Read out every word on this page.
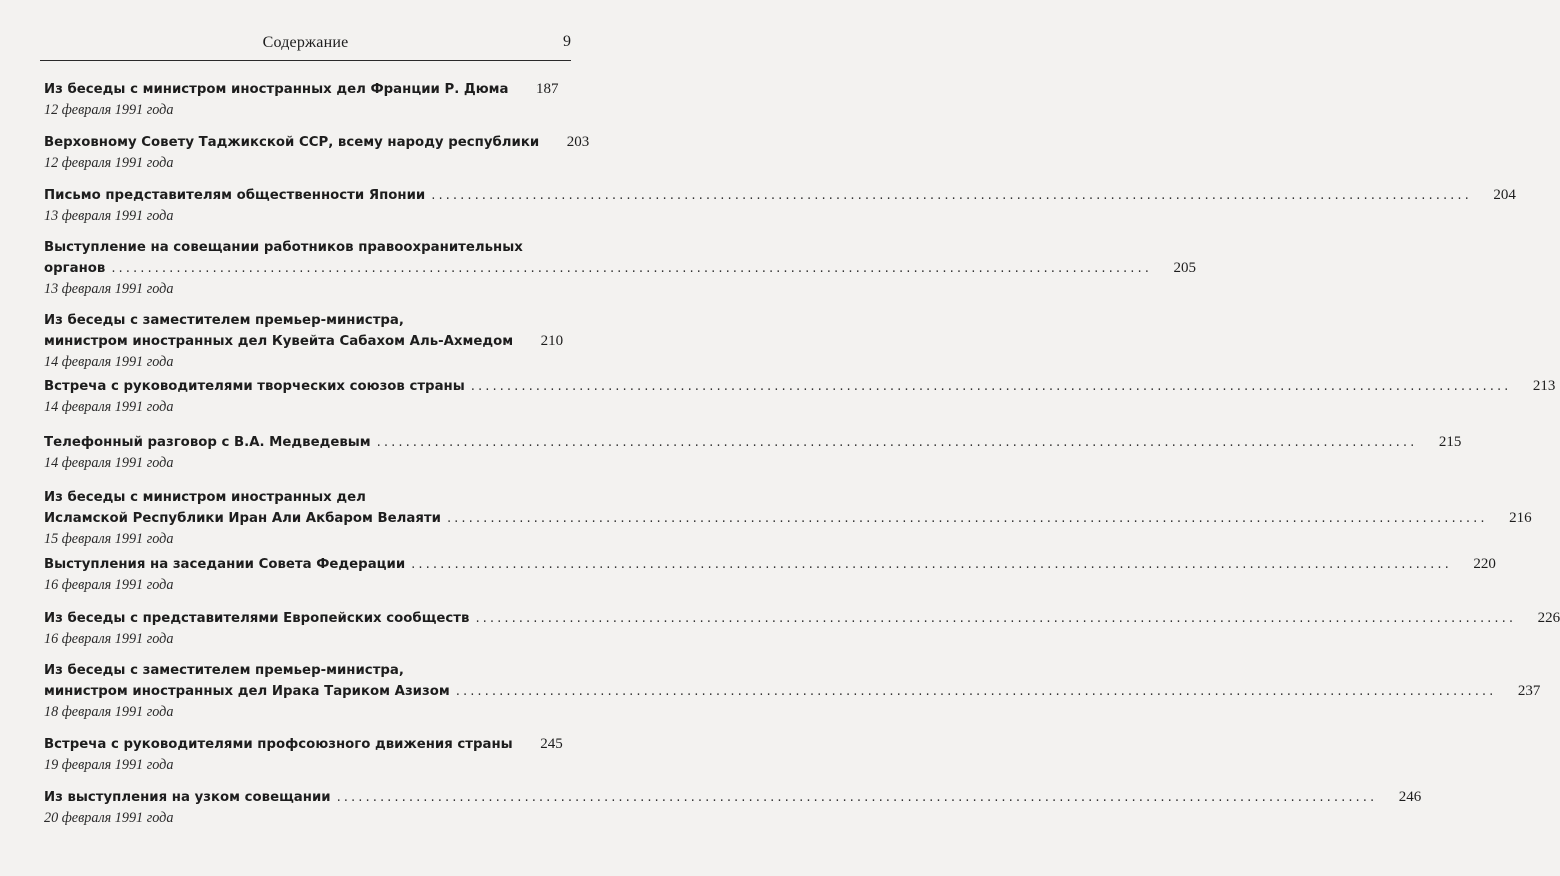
Содержание	9
Из беседы с министром иностранных дел Франции Р. Дюма	187
12 февраля 1991 года
Верховному Совету Таджикской ССР, всему народу республики	203
12 февраля 1991 года
Письмо представителям общественности Японии ................................................................................................................................................	204
13 февраля 1991 года
Выступление на совещании работников правоохранительных
органов ................................................................................................................................................	205
13 февраля 1991 года
Из беседы с заместителем премьер-министра,
министром иностранных дел Кувейта Сабахом Аль-Ахмедом	210
14 февраля 1991 года
Встреча с руководителями творческих союзов страны ................................................................................................................................................	213
14 февраля 1991 года
Телефонный разговор с В.А. Медведевым ................................................................................................................................................	215
14 февраля 1991 года
Из беседы с министром иностранных дел
Исламской Республики Иран Али Акбаром Велаяти ................................................................................................................................................	216
15 февраля 1991 года
Выступления на заседании Совета Федерации ................................................................................................................................................	220
16 февраля 1991 года
Из беседы с представителями Европейских сообществ ................................................................................................................................................	226
16 февраля 1991 года
Из беседы с заместителем премьер-министра,
министром иностранных дел Ирака Тариком Азизом ................................................................................................................................................	237
18 февраля 1991 года
Встреча с руководителями профсоюзного движения страны	245
19 февраля 1991 года
Из выступления на узком совещании ................................................................................................................................................	246
20 февраля 1991 года
